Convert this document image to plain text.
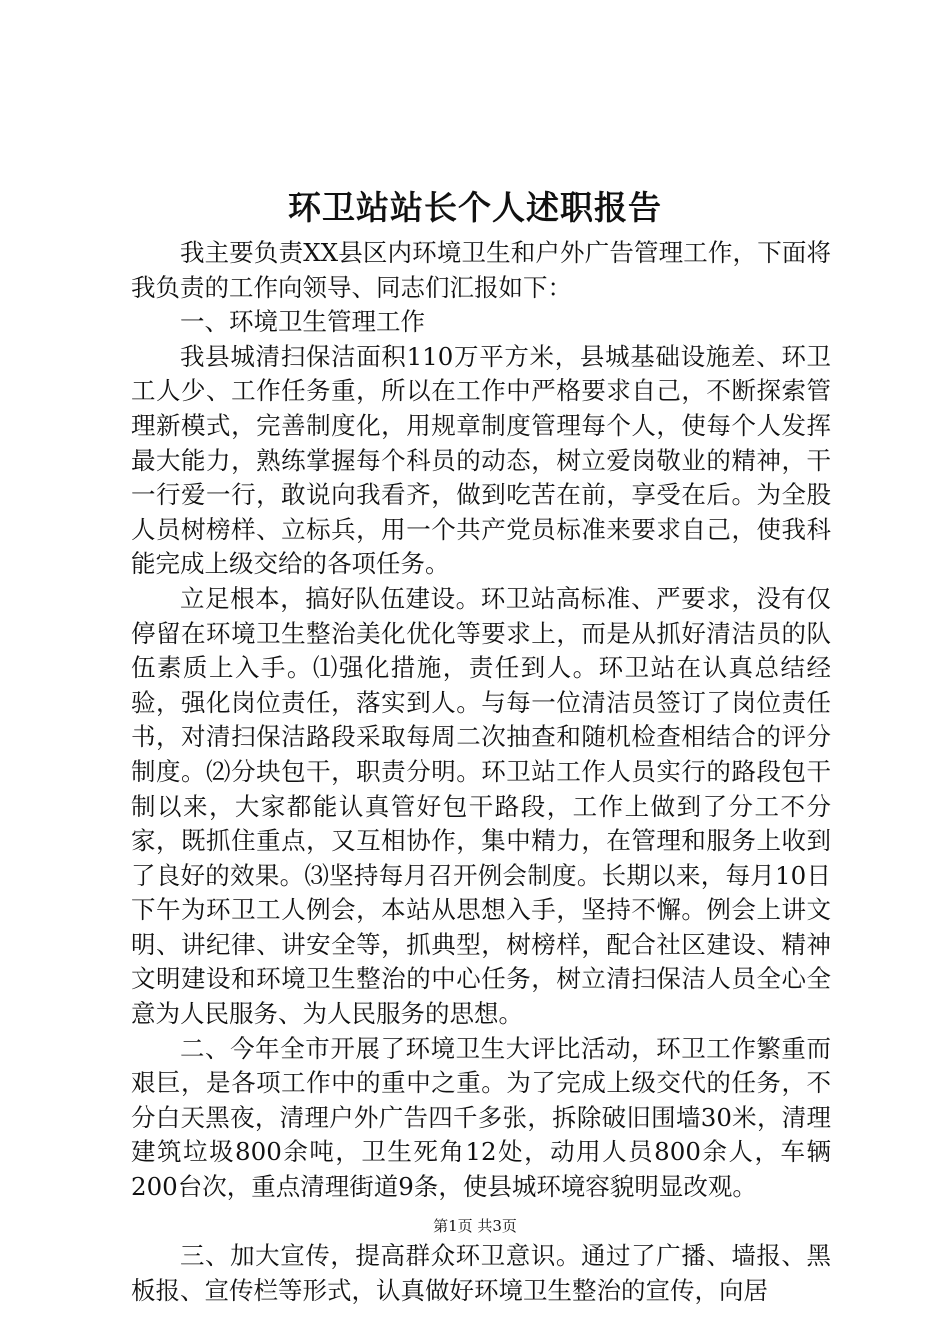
环卫站站长个人述职报告

我主要负责XX县区内环境卫生和户外广告管理工作，下面将我负责的工作向领导、同志们汇报如下：

一、环境卫生管理工作

我县城清扫保洁面积110万平方米，县城基础设施差、环卫工人少、工作任务重，所以在工作中严格要求自己，不断探索管理新模式，完善制度化，用规章制度管理每个人，使每个人发挥最大能力，熟练掌握每个科员的动态，树立爱岗敬业的精神，干一行爱一行，敢说向我看齐，做到吃苦在前，享受在后。为全股人员树榜样、立标兵，用一个共产党员标准来要求自己，使我科能完成上级交给的各项任务。

立足根本，搞好队伍建设。环卫站高标准、严要求，没有仅停留在环境卫生整治美化优化等要求上，而是从抓好清洁员的队伍素质上入手。⑴强化措施，责任到人。环卫站在认真总结经验，强化岗位责任，落实到人。与每一位清洁员签订了岗位责任书，对清扫保洁路段采取每周二次抽查和随机检查相结合的评分制度。⑵分块包干，职责分明。环卫站工作人员实行的路段包干制以来，大家都能认真管好包干路段，工作上做到了分工不分家，既抓住重点，又互相协作，集中精力，在管理和服务上收到了良好的效果。⑶坚持每月召开例会制度。长期以来，每月10日下午为环卫工人例会，本站从思想入手，坚持不懈。例会上讲文明、讲纪律、讲安全等，抓典型，树榜样，配合社区建设、精神文明建设和环境卫生整治的中心任务，树立清扫保洁人员全心全意为人民服务、为人民服务的思想。

二、今年全市开展了环境卫生大评比活动，环卫工作繁重而艰巨，是各项工作中的重中之重。为了完成上级交代的任务，不分白天黑夜，清理户外广告四千多张，拆除破旧围墙30米，清理建筑垃圾800余吨，卫生死角12处，动用人员800余人，车辆200台次，重点清理街道9条，使县城环境容貌明显改观。

三、加大宣传，提高群众环卫意识。通过了广播、墙报、黑板报、宣传栏等形式，认真做好环境卫生整治的宣传，向居

第1页 共3页
